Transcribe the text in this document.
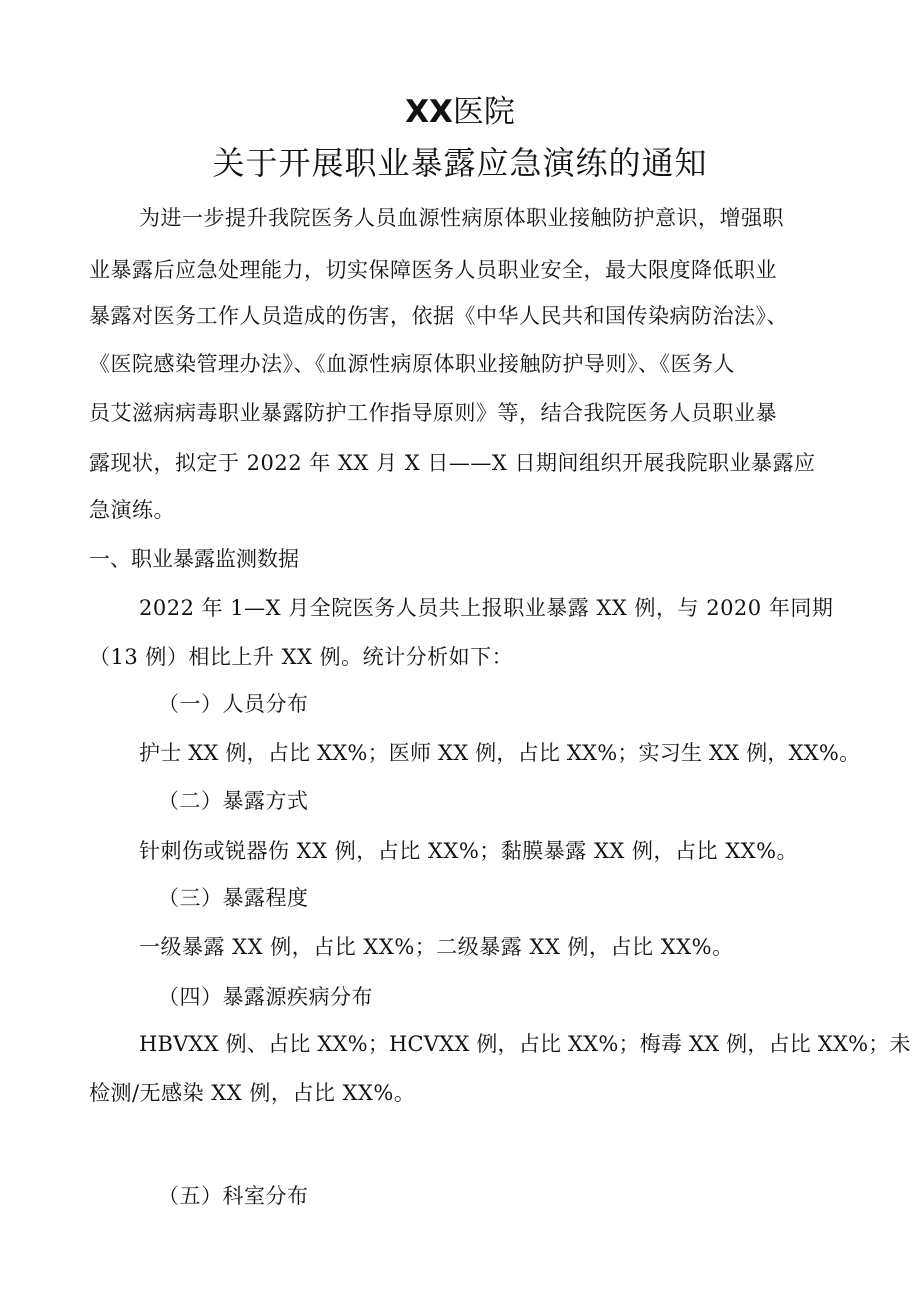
XX医院
关于开展职业暴露应急演练的通知
为进一步提升我院医务人员血源性病原体职业接触防护意识，增强职
业暴露后应急处理能力，切实保障医务人员职业安全，最大限度降低职业
暴露对医务工作人员造成的伤害，依据《中华人民共和国传染病防治法》、
《医院感染管理办法》、《血源性病原体职业接触防护导则》、《医务人
员艾滋病病毒职业暴露防护工作指导原则》等，结合我院医务人员职业暴
露现状，拟定于 2022 年 XX 月 X 日——X 日期间组织开展我院职业暴露应
急演练。
一、职业暴露监测数据
2022 年 1—X 月全院医务人员共上报职业暴露 XX 例，与 2020 年同期
（13 例）相比上升 XX 例。统计分析如下：
（一）人员分布
护士 XX 例，占比 XX%；医师 XX 例，占比 XX%；实习生 XX 例，XX%。
（二）暴露方式
针刺伤或锐器伤 XX 例，占比 XX%；黏膜暴露 XX 例，占比 XX%。
（三）暴露程度
一级暴露 XX 例，占比 XX%；二级暴露 XX 例，占比 XX%。
（四）暴露源疾病分布
HBVXX 例、占比 XX%；HCVXX 例，占比 XX%；梅毒 XX 例，占比 XX%；未
检测/无感染 XX 例，占比 XX%。
（五）科室分布
